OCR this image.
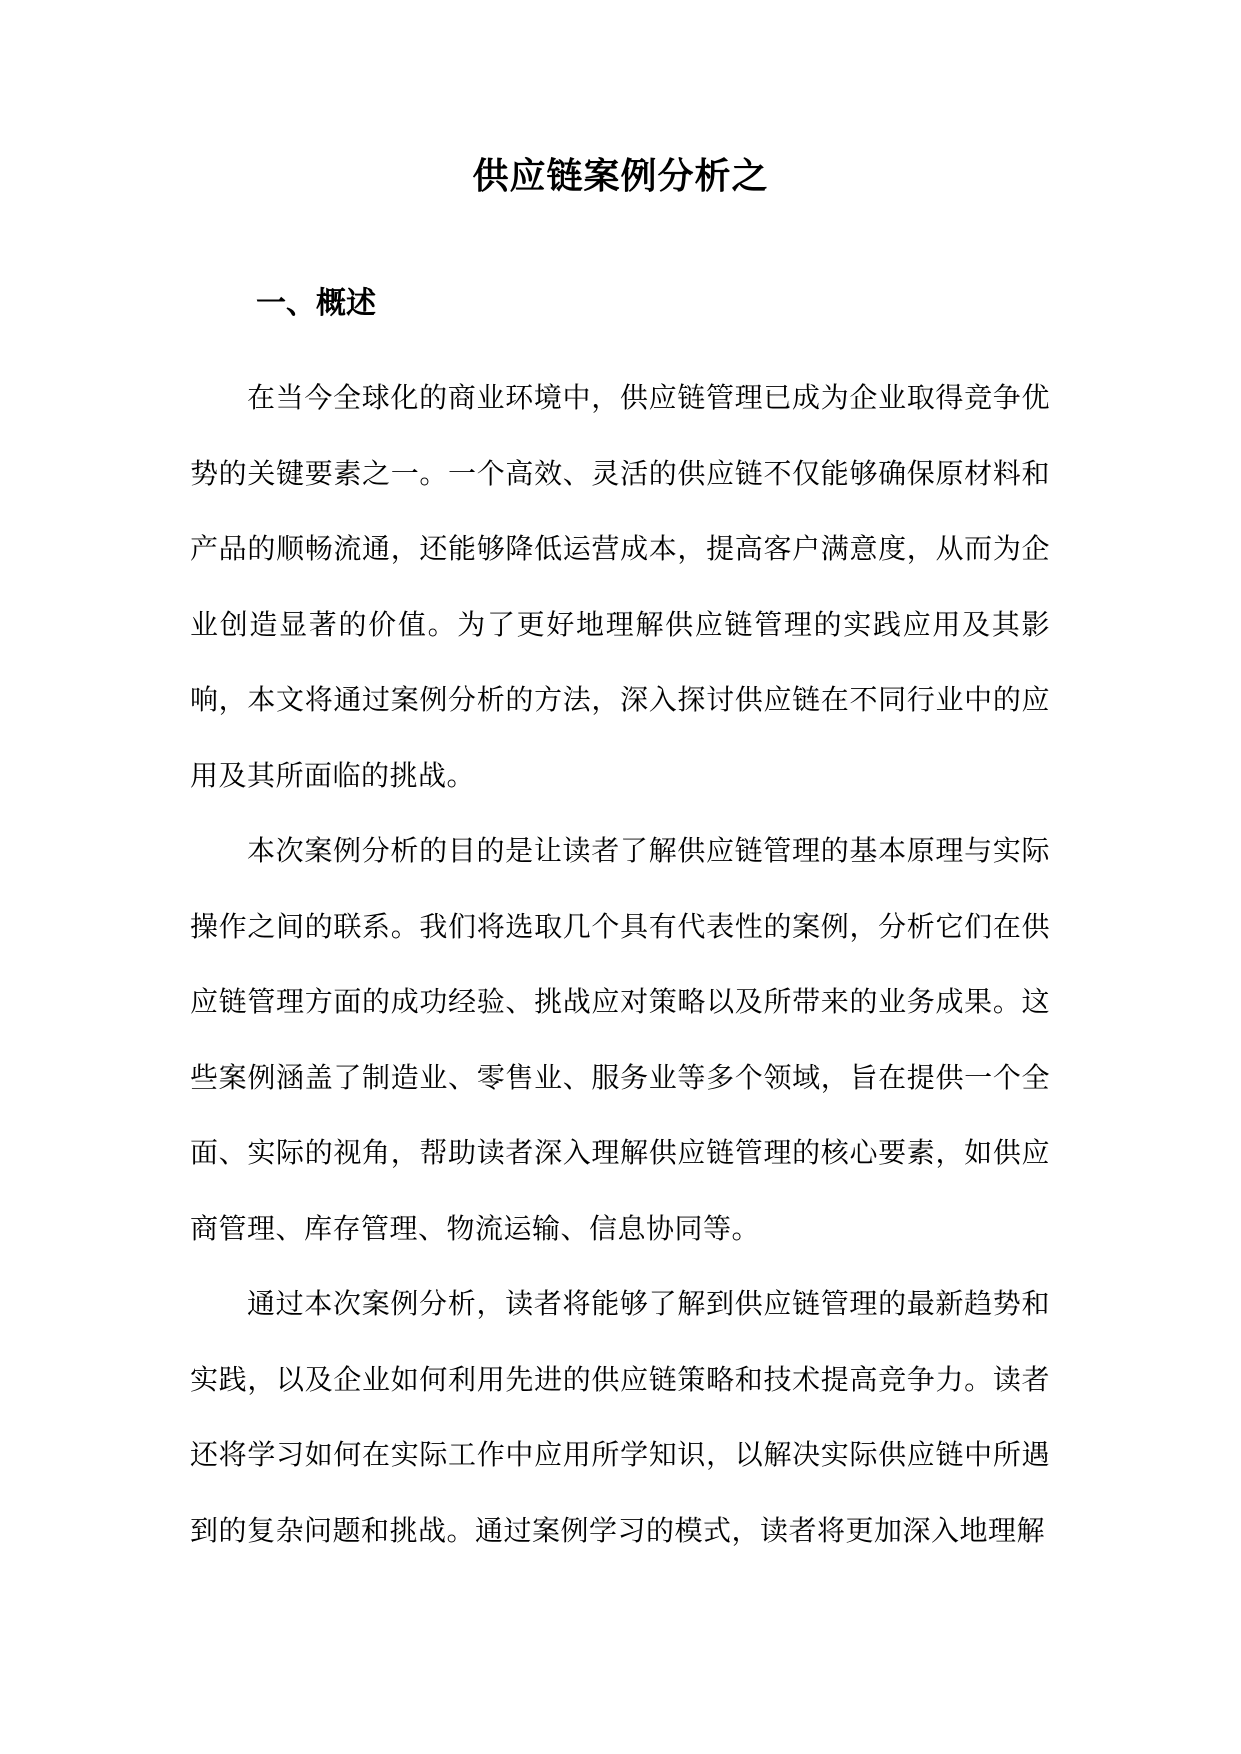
供应链案例分析之
一、概述

在当今全球化的商业环境中，供应链管理已成为企业取得竞争优势的关键要素之一。一个高效、灵活的供应链不仅能够确保原材料和产品的顺畅流通，还能够降低运营成本，提高客户满意度，从而为企业创造显著的价值。为了更好地理解供应链管理的实践应用及其影响，本文将通过案例分析的方法，深入探讨供应链在不同行业中的应用及其所面临的挑战。

本次案例分析的目的是让读者了解供应链管理的基本原理与实际操作之间的联系。我们将选取几个具有代表性的案例，分析它们在供应链管理方面的成功经验、挑战应对策略以及所带来的业务成果。这些案例涵盖了制造业、零售业、服务业等多个领域，旨在提供一个全面、实际的视角，帮助读者深入理解供应链管理的核心要素，如供应商管理、库存管理、物流运输、信息协同等。

通过本次案例分析，读者将能够了解到供应链管理的最新趋势和实践，以及企业如何利用先进的供应链策略和技术提高竞争力。读者还将学习如何在实际工作中应用所学知识，以解决实际供应链中所遇到的复杂问题和挑战。通过案例学习的模式，读者将更加深入地理解
